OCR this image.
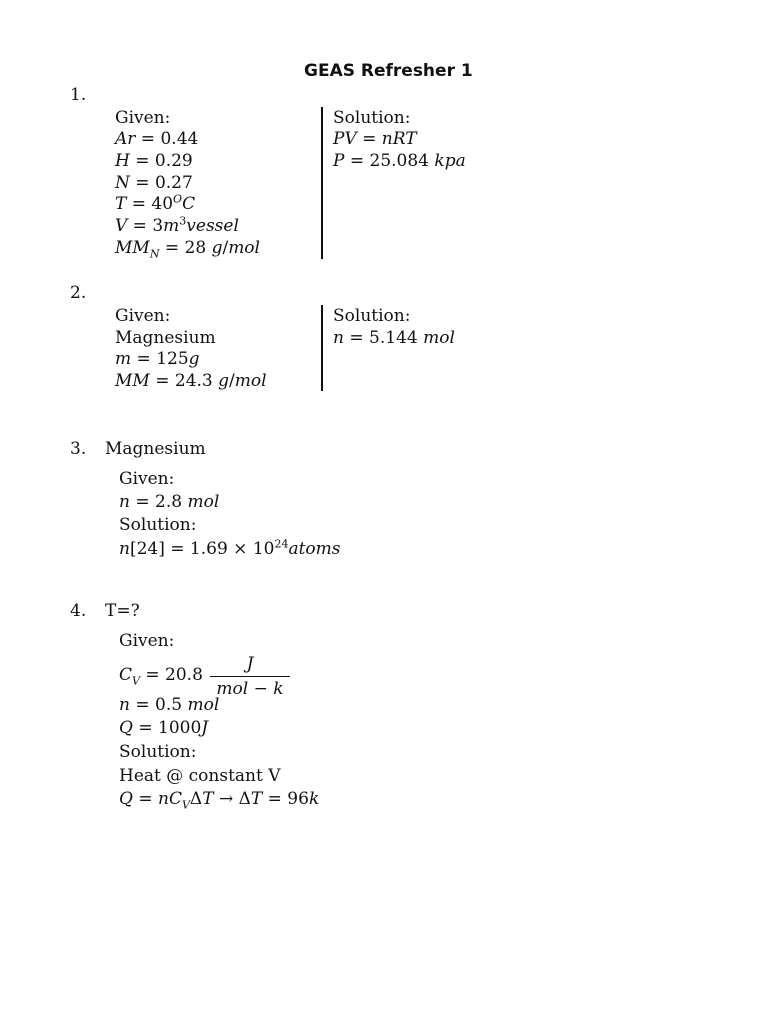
GEAS Refresher 1
1.
Given:
Ar = 0.44
H = 0.29
N = 0.27
$T = 40^OC$
$V = 3m^3vessel$
$MM_N = 28$ g/mol
Solution:
PV = nRT
P = 25.084 kpa
2.
Given:
Magnesium
m = 125g
MM = 24.3 g/mol
Solution:
n = 5.144 mol
3. Magnesium
Given:
n = 2.8 mol
Solution:
$n[24] = 1.69 \times 10^{24}atoms$
4. T=?
Given:
$C_V = 20.8$
J
mol − k
n = 0.5 mol
Q = 1000J
Solution:
Heat @ constant V
$Q = nC_V\Delta T \to \Delta T = 96k$
